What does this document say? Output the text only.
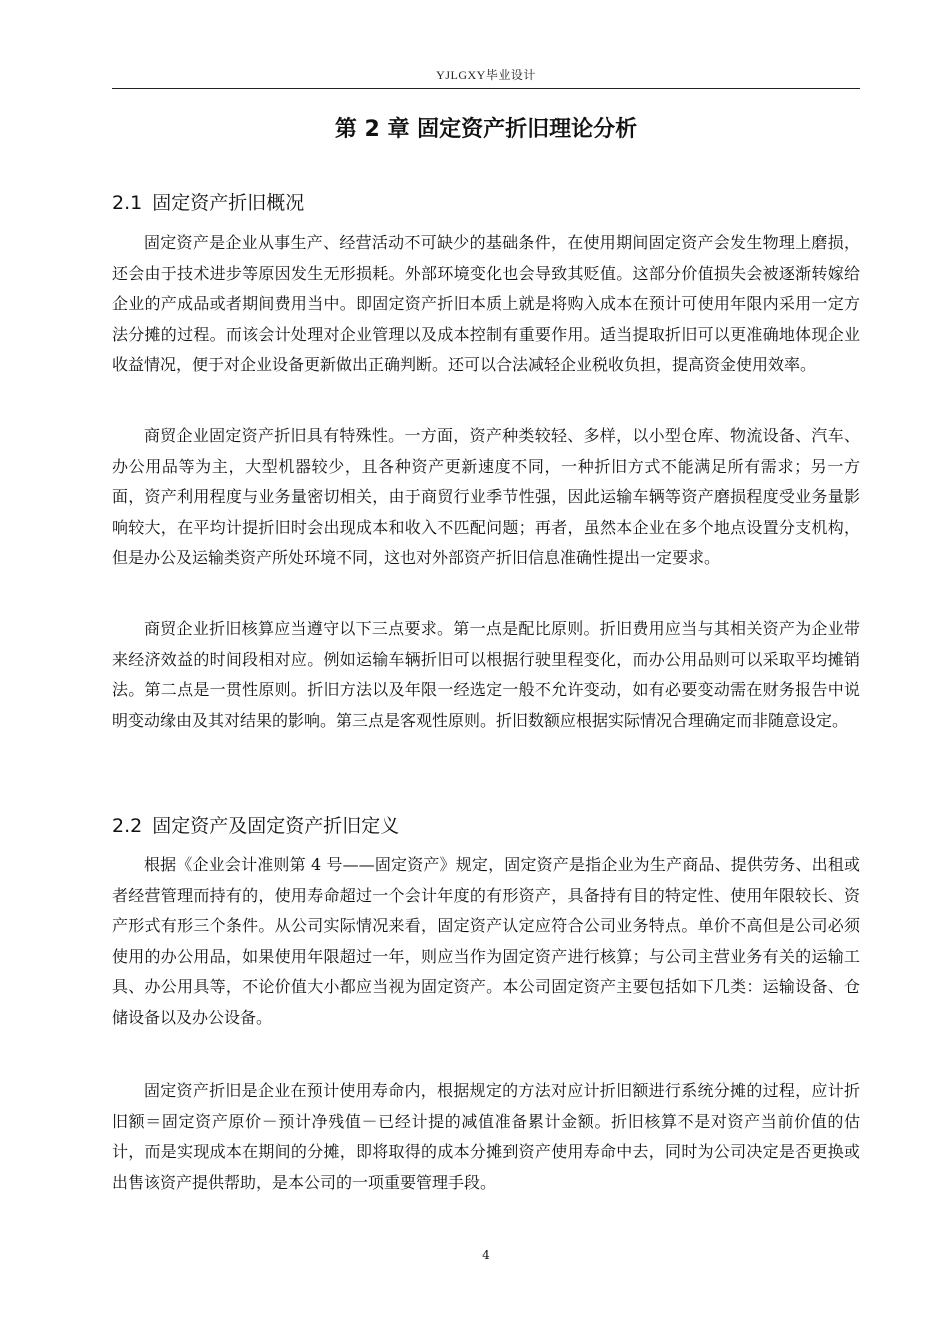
YJLGXY毕业设计
第 2 章 固定资产折旧理论分析
2.1 固定资产折旧概况

固定资产是企业从事生产、经营活动不可缺少的基础条件，在使用期间固定资产会发生物理上磨损，还会由于技术进步等原因发生无形损耗。外部环境变化也会导致其贬值。这部分价值损失会被逐渐转嫁给企业的产成品或者期间费用当中。即固定资产折旧本质上就是将购入成本在预计可使用年限内采用一定方法分摊的过程。而该会计处理对企业管理以及成本控制有重要作用。适当提取折旧可以更准确地体现企业收益情况，便于对企业设备更新做出正确判断。还可以合法减轻企业税收负担，提高资金使用效率。

商贸企业固定资产折旧具有特殊性。一方面，资产种类较轻、多样，以小型仓库、物流设备、汽车、办公用品等为主，大型机器较少，且各种资产更新速度不同，一种折旧方式不能满足所有需求；另一方面，资产利用程度与业务量密切相关，由于商贸行业季节性强，因此运输车辆等资产磨损程度受业务量影响较大，在平均计提折旧时会出现成本和收入不匹配问题；再者，虽然本企业在多个地点设置分支机构，但是办公及运输类资产所处环境不同，这也对外部资产折旧信息准确性提出一定要求。

商贸企业折旧核算应当遵守以下三点要求。第一点是配比原则。折旧费用应当与其相关资产为企业带来经济效益的时间段相对应。例如运输车辆折旧可以根据行驶里程变化，而办公用品则可以采取平均摊销法。第二点是一贯性原则。折旧方法以及年限一经选定一般不允许变动，如有必要变动需在财务报告中说明变动缘由及其对结果的影响。第三点是客观性原则。折旧数额应根据实际情况合理确定而非随意设定。

2.2 固定资产及固定资产折旧定义

根据《企业会计准则第 4 号——固定资产》规定，固定资产是指企业为生产商品、提供劳务、出租或者经营管理而持有的，使用寿命超过一个会计年度的有形资产，具备持有目的特定性、使用年限较长、资产形式有形三个条件。从公司实际情况来看，固定资产认定应符合公司业务特点。单价不高但是公司必须使用的办公用品，如果使用年限超过一年，则应当作为固定资产进行核算；与公司主营业务有关的运输工具、办公用具等，不论价值大小都应当视为固定资产。本公司固定资产主要包括如下几类：运输设备、仓储设备以及办公设备。

固定资产折旧是企业在预计使用寿命内，根据规定的方法对应计折旧额进行系统分摊的过程，应计折旧额＝固定资产原价－预计净残值－已经计提的减值准备累计金额。折旧核算不是对资产当前价值的估计，而是实现成本在期间的分摊，即将取得的成本分摊到资产使用寿命中去，同时为公司决定是否更换或出售该资产提供帮助，是本公司的一项重要管理手段。

4
